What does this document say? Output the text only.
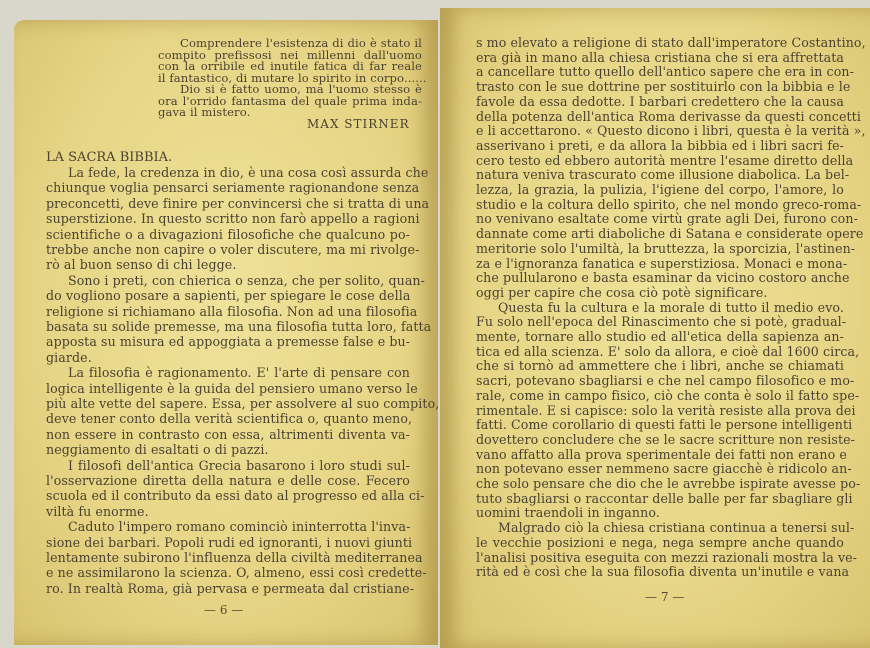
Comprendere l'esistenza di dio è stato il
compito prefissosi nei millenni dall'uomo
con la orribile ed inutile fatica di far reale
il fantastico, di mutare lo spirito in corpo......
Dio si è fatto uomo, ma l'uomo stesso è
ora l'orrido fantasma del quale prima inda-
gava il mistero.
MAX STIRNER
LA SACRA BIBBIA.
La fede, la credenza in dio, è una cosa così assurda che
chiunque voglia pensarci seriamente ragionandone senza
preconcetti, deve finire per convincersi che si tratta di una
superstizione. In questo scritto non farò appello a ragioni
scientifiche o a divagazioni filosofiche che qualcuno po-
trebbe anche non capire o voler discutere, ma mi rivolge-
rò al buon senso di chi legge.
Sono i preti, con chierica o senza, che per solito, quan-
do vogliono posare a sapienti, per spiegare le cose della
religione si richiamano alla filosofia. Non ad una filosofia
basata su solide premesse, ma una filosofia tutta loro, fatta
apposta su misura ed appoggiata a premesse false e bu-
giarde.
La filosofia è ragionamento. E' l'arte di pensare con
logica intelligente è la guida del pensiero umano verso le
più alte vette del sapere. Essa, per assolvere al suo compito,
deve tener conto della verità scientifica o, quanto meno,
non essere in contrasto con essa, altrimenti diventa va-
neggiamento di esaltati o di pazzi.
I filosofi dell'antica Grecia basarono i loro studi sul-
l'osservazione diretta della natura e delle cose. Fecero
scuola ed il contributo da essi dato al progresso ed alla ci-
viltà fu enorme.
Caduto l'impero romano cominciò ininterrotta l'inva-
sione dei barbari. Popoli rudi ed ignoranti, i nuovi giunti
lentamente subirono l'influenza della civiltà mediterranea
e ne assimilarono la scienza. O, almeno, essi così credette-
ro. In realtà Roma, già pervasa e permeata dal cristiane-
— 6 —
s mo elevato a religione di stato dall'imperatore Costantino,
era già in mano alla chiesa cristiana che si era affrettata
a cancellare tutto quello dell'antico sapere che era in con-
trasto con le sue dottrine per sostituirlo con la bibbia e le
favole da essa dedotte. I barbari credettero che la causa
della potenza dell'antica Roma derivasse da questi concetti
e li accettarono. « Questo dicono i libri, questa è la verità »,
asserivano i preti, e da allora la bibbia ed i libri sacri fe-
cero testo ed ebbero autorità mentre l'esame diretto della
natura veniva trascurato come illusione diabolica. La bel-
lezza, la grazia, la pulizia, l'igiene del corpo, l'amore, lo
studio e la coltura dello spirito, che nel mondo greco-roma-
no venivano esaltate come virtù grate agli Dei, furono con-
dannate come arti diaboliche di Satana e considerate opere
meritorie solo l'umiltà, la bruttezza, la sporcizia, l'astinen-
za e l'ignoranza fanatica e superstiziosa. Monaci e mona-
che pullularono e basta esaminar da vicino costoro anche
oggi per capire che cosa ciò potè significare.
Questa fu la cultura e la morale di tutto il medio evo.
Fu solo nell'epoca del Rinascimento che si potè, gradual-
mente, tornare allo studio ed all'etica della sapienza an-
tica ed alla scienza. E' solo da allora, e cioè dal 1600 circa,
che si tornò ad ammettere che i libri, anche se chiamati
sacri, potevano sbagliarsi e che nel campo filosofico e mo-
rale, come in campo fisico, ciò che conta è solo il fatto spe-
rimentale. E si capisce: solo la verità resiste alla prova dei
fatti. Come corollario di questi fatti le persone intelligenti
dovettero concludere che se le sacre scritture non resiste-
vano affatto alla prova sperimentale dei fatti non erano e
non potevano esser nemmeno sacre giacchè è ridicolo an-
che solo pensare che dio che le avrebbe ispirate avesse po-
tuto sbagliarsi o raccontar delle balle per far sbagliare gli
uomini traendoli in inganno.
Malgrado ciò la chiesa cristiana continua a tenersi sul-
le vecchie posizioni e nega, nega sempre anche quando
l'analisi positiva eseguita con mezzi razionali mostra la ve-
rità ed è così che la sua filosofia diventa un'inutile e vana
— 7 —
